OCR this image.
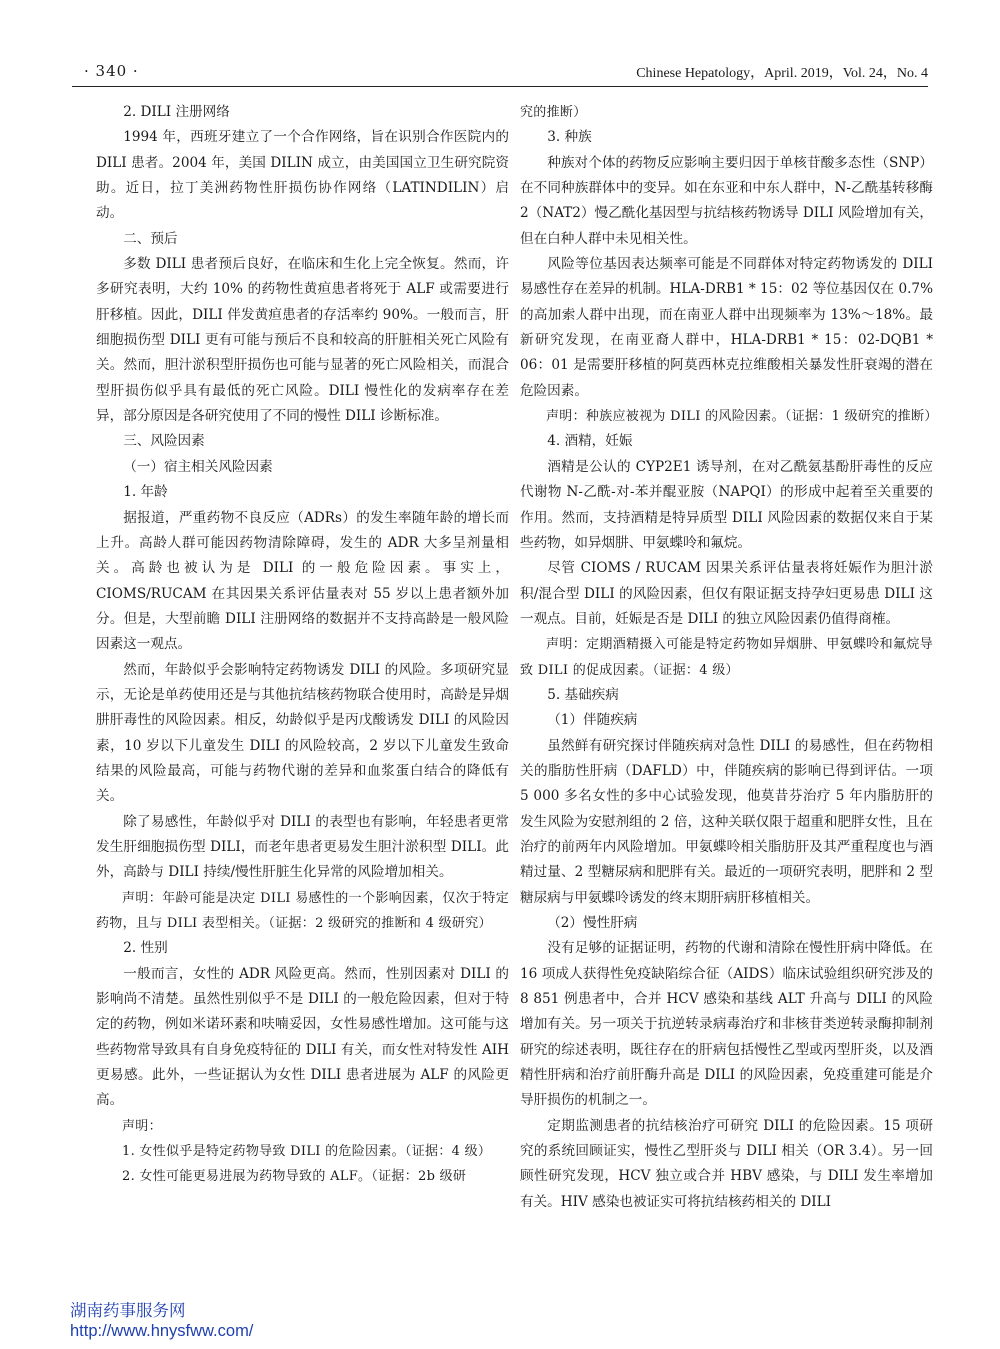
· 340 ·	Chinese Hepatology，April. 2019，Vol. 24，No. 4

2. DILI 注册网络

1994 年，西班牙建立了一个合作网络，旨在识别合作医院内的 DILI 患者。2004 年，美国 DILIN 成立，由美国国立卫生研究院资助。近日，拉丁美洲药物性肝损伤协作网络（LATINDILIN）启动。

二、预后

多数 DILI 患者预后良好，在临床和生化上完全恢复。然而，许多研究表明，大约 10% 的药物性黄疸患者将死于 ALF 或需要进行肝移植。因此，DILI 伴发黄疸患者的存活率约 90%。一般而言，肝细胞损伤型 DILI 更有可能与预后不良和较高的肝脏相关死亡风险有关。然而，胆汁淤积型肝损伤也可能与显著的死亡风险相关，而混合型肝损伤似乎具有最低的死亡风险。DILI 慢性化的发病率存在差异，部分原因是各研究使用了不同的慢性 DILI 诊断标准。

三、风险因素

（一）宿主相关风险因素

1. 年龄

据报道，严重药物不良反应（ADRs）的发生率随年龄的增长而上升。高龄人群可能因药物清除障碍，发生的 ADR 大多呈剂量相关。高龄也被认为是 DILI 的一般危险因素。事实上，CIOMS/RUCAM 在其因果关系评估量表对 55 岁以上患者额外加分。但是，大型前瞻 DILI 注册网络的数据并不支持高龄是一般风险因素这一观点。

然而，年龄似乎会影响特定药物诱发 DILI 的风险。多项研究显示，无论是单药使用还是与其他抗结核药物联合使用时，高龄是异烟肼肝毒性的风险因素。相反，幼龄似乎是丙戊酸诱发 DILI 的风险因素，10 岁以下儿童发生 DILI 的风险较高，2 岁以下儿童发生致命结果的风险最高，可能与药物代谢的差异和血浆蛋白结合的降低有关。

除了易感性，年龄似乎对 DILI 的表型也有影响，年轻患者更常发生肝细胞损伤型 DILI，而老年患者更易发生胆汁淤积型 DILI。此外，高龄与 DILI 持续/慢性肝脏生化异常的风险增加相关。

声明：年龄可能是决定 DILI 易感性的一个影响因素，仅次于特定药物，且与 DILI 表型相关。（证据：2 级研究的推断和 4 级研究）

2. 性别

一般而言，女性的 ADR 风险更高。然而，性别因素对 DILI 的影响尚不清楚。虽然性别似乎不是 DILI 的一般危险因素，但对于特定的药物，例如米诺环素和呋喃妥因，女性易感性增加。这可能与这些药物常导致具有自身免疫特征的 DILI 有关，而女性对特发性 AIH 更易感。此外，一些证据认为女性 DILI 患者进展为 ALF 的风险更高。

声明：

1. 女性似乎是特定药物导致 DILI 的危险因素。（证据：4 级）

2. 女性可能更易进展为药物导致的 ALF。（证据：2b 级研

究的推断）

3. 种族

种族对个体的药物反应影响主要归因于单核苷酸多态性（SNP）在不同种族群体中的变异。如在东亚和中东人群中，N-乙酰基转移酶 2（NAT2）慢乙酰化基因型与抗结核药物诱导 DILI 风险增加有关，但在白种人群中未见相关性。

风险等位基因表达频率可能是不同群体对特定药物诱发的 DILI 易感性存在差异的机制。HLA-DRB1 * 15：02 等位基因仅在 0.7% 的高加索人群中出现，而在南亚人群中出现频率为 13%～18%。最新研究发现，在南亚裔人群中，HLA-DRB1 * 15：02-DQB1 * 06：01 是需要肝移植的阿莫西林克拉维酸相关暴发性肝衰竭的潜在危险因素。

声明：种族应被视为 DILI 的风险因素。（证据：1 级研究的推断）

4. 酒精，妊娠

酒精是公认的 CYP2E1 诱导剂，在对乙酰氨基酚肝毒性的反应代谢物 N-乙酰-对-苯并醌亚胺（NAPQI）的形成中起着至关重要的作用。然而，支持酒精是特异质型 DILI 风险因素的数据仅来自于某些药物，如异烟肼、甲氨蝶呤和氟烷。

尽管 CIOMS / RUCAM 因果关系评估量表将妊娠作为胆汁淤积/混合型 DILI 的风险因素，但仅有限证据支持孕妇更易患 DILI 这一观点。目前，妊娠是否是 DILI 的独立风险因素仍值得商榷。

声明：定期酒精摄入可能是特定药物如异烟肼、甲氨蝶呤和氟烷导致 DILI 的促成因素。（证据：4 级）

5. 基础疾病

（1）伴随疾病

虽然鲜有研究探讨伴随疾病对急性 DILI 的易感性，但在药物相关的脂肪性肝病（DAFLD）中，伴随疾病的影响已得到评估。一项 5 000 多名女性的多中心试验发现，他莫昔芬治疗 5 年内脂肪肝的发生风险为安慰剂组的 2 倍，这种关联仅限于超重和肥胖女性，且在治疗的前两年内风险增加。甲氨蝶呤相关脂肪肝及其严重程度也与酒精过量、2 型糖尿病和肥胖有关。最近的一项研究表明，肥胖和 2 型糖尿病与甲氨蝶呤诱发的终末期肝病肝移植相关。

（2）慢性肝病

没有足够的证据证明，药物的代谢和清除在慢性肝病中降低。在 16 项成人获得性免疫缺陷综合征（AIDS）临床试验组织研究涉及的 8 851 例患者中，合并 HCV 感染和基线 ALT 升高与 DILI 的风险增加有关。另一项关于抗逆转录病毒治疗和非核苷类逆转录酶抑制剂研究的综述表明，既往存在的肝病包括慢性乙型或丙型肝炎，以及酒精性肝病和治疗前肝酶升高是 DILI 的风险因素，免疫重建可能是介导肝损伤的机制之一。

定期监测患者的抗结核治疗可研究 DILI 的危险因素。15 项研究的系统回顾证实，慢性乙型肝炎与 DILI 相关（OR 3.4）。另一回顾性研究发现，HCV 独立或合并 HBV 感染，与 DILI 发生率增加有关。HIV 感染也被证实可将抗结核药相关的 DILI

湖南药事服务网
http://www.hnysfww.com/
